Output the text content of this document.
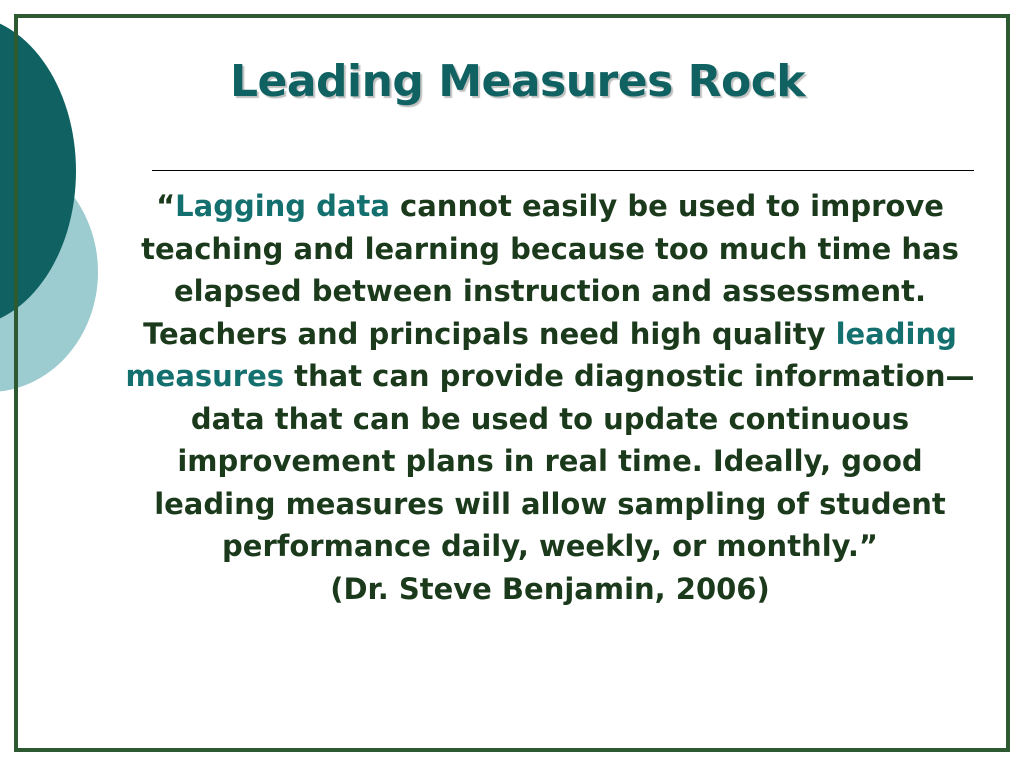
Leading Measures Rock
“Lagging data cannot easily be used to improve teaching and learning because too much time has elapsed between instruction and assessment. Teachers and principals need high quality leading measures that can provide diagnostic information—data that can be used to update continuous improvement plans in real time. Ideally, good leading measures will allow sampling of student performance daily, weekly, or monthly.”
(Dr. Steve Benjamin, 2006)
